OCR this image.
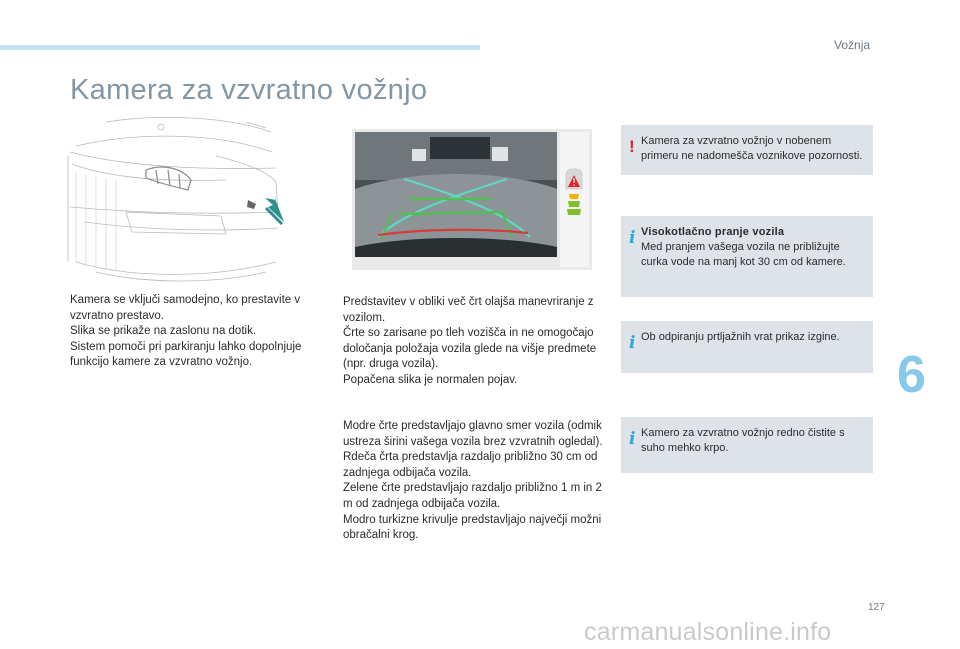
Vožnja
Kamera za vzvratno vožnjo

Kamera se vključi samodejno, ko prestavite v vzvratno prestavo.

Slika se prikaže na zaslonu na dotik.

Sistem pomoči pri parkiranju lahko dopolnjuje funkcijo kamere za vzvratno vožnjo.

Predstavitev v obliki več črt olajša manevriranje z vozilom.

Črte so zarisane po tleh vozišča in ne omogočajo določanja položaja vozila glede na višje predmete (npr. druga vozila).

Popačena slika je normalen pojav.

Modre črte predstavljajo glavno smer vozila (odmik ustreza širini vašega vozila brez vzvratnih ogledal).

Rdeča črta predstavlja razdaljo približno 30 cm od zadnjega odbijača vozila.

Zelene črte predstavljajo razdaljo približno 1 m in 2 m od zadnjega odbijača vozila.

Modro turkizne krivulje predstavljajo največji možni obračalni krog.

! Kamera za vzvratno vožnjo v nobenem primeru ne nadomešča voznikove pozornosti.
i Visokotlačno pranje vozila
Med pranjem vašega vozila ne približujte curka vode na manj kot 30 cm od kamere.
i Ob odpiranju prtljažnih vrat prikaz izgine.
i Kamero za vzvratno vožnjo redno čistite s suho mehko krpo.
6
127
carmanualsonline.info
